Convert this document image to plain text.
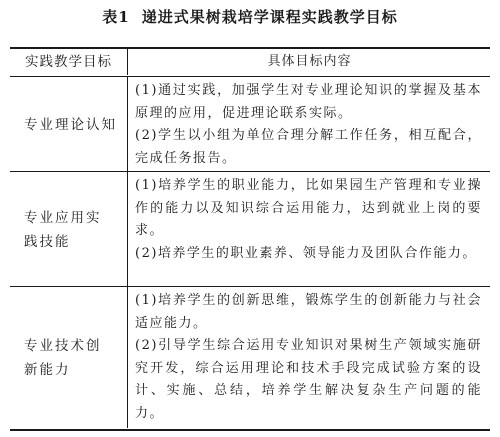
表1 递进式果树栽培学课程实践教学目标
实践教学目标	具体目标内容
专业理论认知

(1)通过实践，加强学生对专业理论知识的掌握及基本原理的应用，促进理论联系实际。

(2)学生以小组为单位合理分解工作任务，相互配合，完成任务报告。

专业应用实践技能

(1)培养学生的职业能力，比如果园生产管理和专业操作的能力以及知识综合运用能力，达到就业上岗的要求。

(2)培养学生的职业素养、领导能力及团队合作能力。

专业技术创新能力

(1)培养学生的创新思维，锻炼学生的创新能力与社会适应能力。

(2)引导学生综合运用专业知识对果树生产领域实施研究开发，综合运用理论和技术手段完成试验方案的设计、实施、总结，培养学生解决复杂生产问题的能力。
